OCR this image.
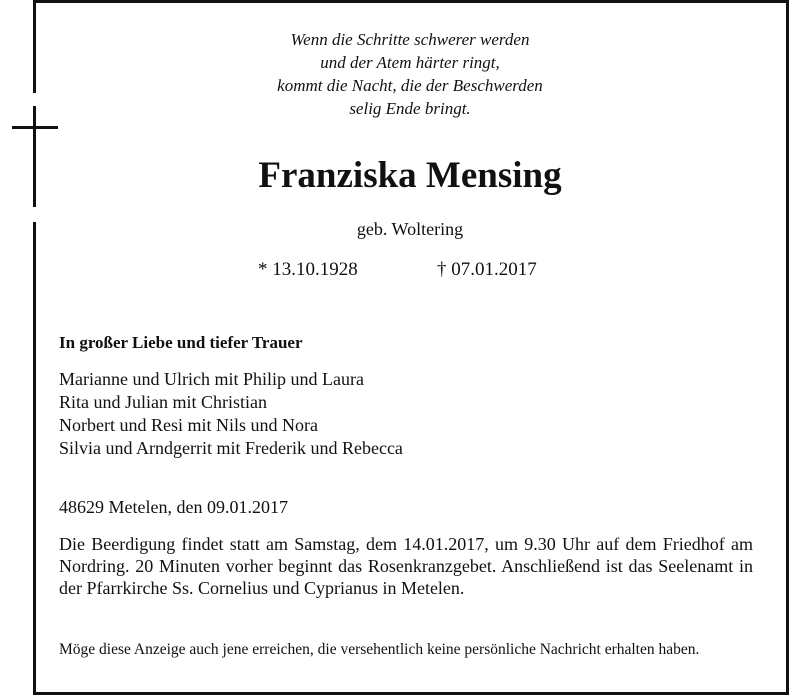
Wenn die Schritte schwerer werden
und der Atem härter ringt,
kommt die Nacht, die der Beschwerden
selig Ende bringt.
Franziska Mensing
geb. Woltering
* 13.10.1928	† 07.01.2017
In großer Liebe und tiefer Trauer
Marianne und Ulrich mit Philip und Laura
Rita und Julian mit Christian
Norbert und Resi mit Nils und Nora
Silvia und Arndgerrit mit Frederik und Rebecca
48629 Metelen, den 09.01.2017
Die Beerdigung findet statt am Samstag, dem 14.01.2017, um 9.30 Uhr auf dem Friedhof am Nordring. 20 Minuten vorher beginnt das Rosenkranzgebet. Anschließend ist das Seelenamt in der Pfarrkirche Ss. Cornelius und Cyprianus in Metelen.
Möge diese Anzeige auch jene erreichen, die versehentlich keine persönliche Nachricht erhalten haben.
